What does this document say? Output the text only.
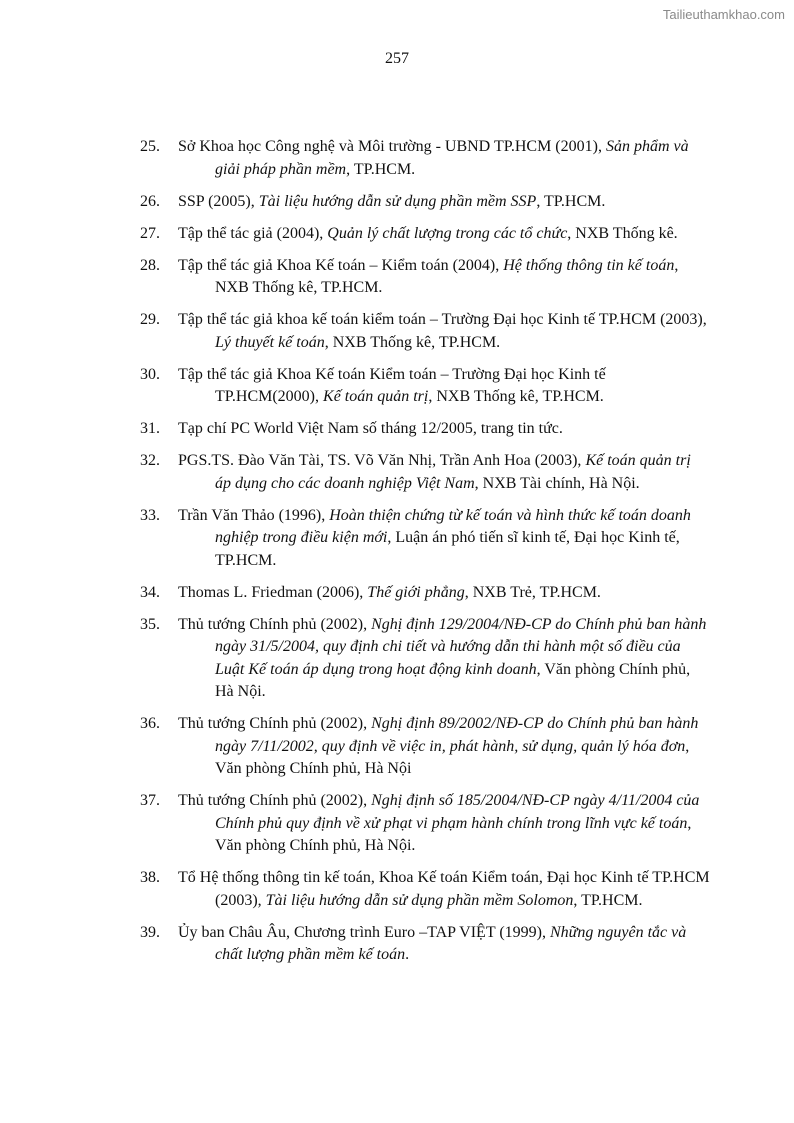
Tailieuthamkhao.com
257
25. Sở Khoa học Công nghệ và Môi trường - UBND TP.HCM (2001), Sản phẩm và giải pháp phần mềm, TP.HCM.
26. SSP (2005), Tài liệu hướng dẫn sử dụng phần mềm SSP, TP.HCM.
27. Tập thể tác giả (2004), Quản lý chất lượng trong các tổ chức, NXB Thống kê.
28. Tập thể tác giả Khoa Kế toán – Kiểm toán (2004), Hệ thống thông tin kế toán, NXB Thống kê, TP.HCM.
29. Tập thể tác giả khoa kế toán kiểm toán – Trường Đại học Kinh tế TP.HCM (2003), Lý thuyết kế toán, NXB Thống kê, TP.HCM.
30. Tập thể tác giả Khoa Kế toán Kiểm toán – Trường Đại học Kinh tế TP.HCM(2000), Kế toán quản trị, NXB Thống kê, TP.HCM.
31. Tạp chí PC World Việt Nam số tháng 12/2005, trang tin tức.
32. PGS.TS. Đào Văn Tài, TS. Võ Văn Nhị, Trần Anh Hoa (2003), Kế toán quản trị áp dụng cho các doanh nghiệp Việt Nam, NXB Tài chính, Hà Nội.
33. Trần Văn Thảo (1996), Hoàn thiện chứng từ kế toán và hình thức kế toán doanh nghiệp trong điều kiện mới, Luận án phó tiến sĩ kinh tế, Đại học Kinh tế, TP.HCM.
34. Thomas L. Friedman (2006), Thế giới phẳng, NXB Trẻ, TP.HCM.
35. Thủ tướng Chính phủ (2002), Nghị định 129/2004/NĐ-CP do Chính phủ ban hành ngày 31/5/2004, quy định chi tiết và hướng dẫn thi hành một số điều của Luật Kế toán áp dụng trong hoạt động kinh doanh, Văn phòng Chính phủ, Hà Nội.
36. Thủ tướng Chính phủ (2002), Nghị định 89/2002/NĐ-CP do Chính phủ ban hành ngày 7/11/2002, quy định về việc in, phát hành, sử dụng, quản lý hóa đơn, Văn phòng Chính phủ, Hà Nội
37. Thủ tướng Chính phủ (2002), Nghị định số 185/2004/NĐ-CP ngày 4/11/2004 của Chính phủ quy định về xử phạt vi phạm hành chính trong lĩnh vực kế toán, Văn phòng Chính phủ, Hà Nội.
38. Tổ Hệ thống thông tin kế toán, Khoa Kế toán Kiểm toán, Đại học Kinh tế TP.HCM (2003), Tài liệu hướng dẫn sử dụng phần mềm Solomon, TP.HCM.
39. Ủy ban Châu Âu, Chương trình Euro –TAP VIỆT (1999), Những nguyên tắc và chất lượng phần mềm kế toán.
